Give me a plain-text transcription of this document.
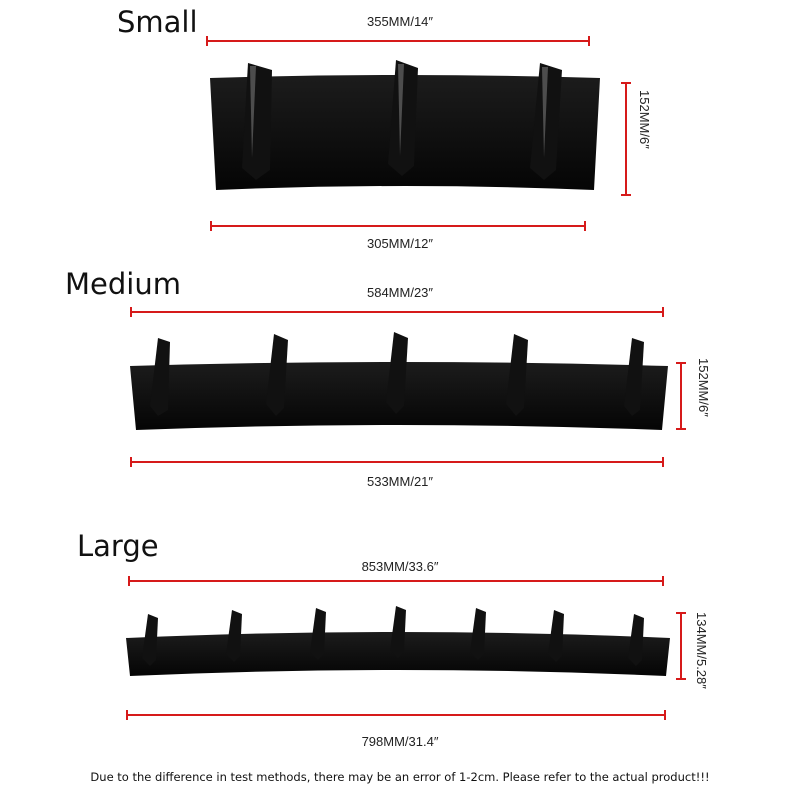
Small	355MM/14″
152MM/6″
305MM/12″
Medium	584MM/23″
152MM/6″
533MM/21″
Large
853MM/33.6″
134MM/5.28″
798MM/31.4″
Due to the difference in test methods, there may be an error of 1-2cm. Please refer to the actual product!!!
